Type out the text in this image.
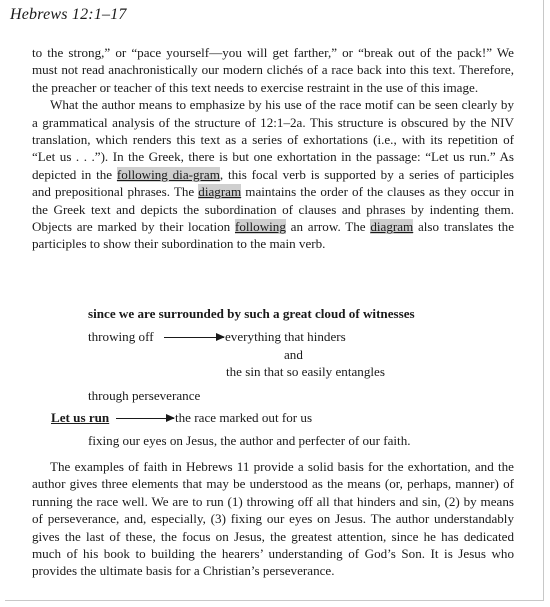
Hebrews 12:1–17

to the strong,” or “pace yourself—you will get farther,” or “break out of the pack!” We must not read anachronistically our modern clichés of a race back into this text. Therefore, the preacher or teacher of this text needs to exercise restraint in the use of this image.

What the author means to emphasize by his use of the race motif can be seen clearly by a grammatical analysis of the structure of 12:1–2a. This structure is obscured by the NIV translation, which renders this text as a series of exhortations (i.e., with its repetition of “Let us . . .”). In the Greek, there is but one exhortation in the passage: “Let us run.” As depicted in the following dia-gram, this focal verb is supported by a series of participles and prepositional phrases. The diagram maintains the order of the clauses as they occur in the Greek text and depicts the subordination of clauses and phrases by indenting them. Objects are marked by their location following an arrow. The diagram also translates the participles to show their subordination to the main verb.

since we are surrounded by such a great cloud of witnesses
throwing off	everything that hinders
and
the sin that so easily entangles
through perseverance
Let us run	the race marked out for us
fixing our eyes on Jesus, the author and perfecter of our faith.

The examples of faith in Hebrews 11 provide a solid basis for the exhortation, and the author gives three elements that may be understood as the means (or, perhaps, manner) of running the race well. We are to run (1) throwing off all that hinders and sin, (2) by means of perseverance, and, especially, (3) fixing our eyes on Jesus. The author understandably gives the last of these, the focus on Jesus, the greatest attention, since he has dedicated much of his book to building the hearers’ understanding of God’s Son. It is Jesus who provides the ultimate basis for a Christian’s perseverance.
